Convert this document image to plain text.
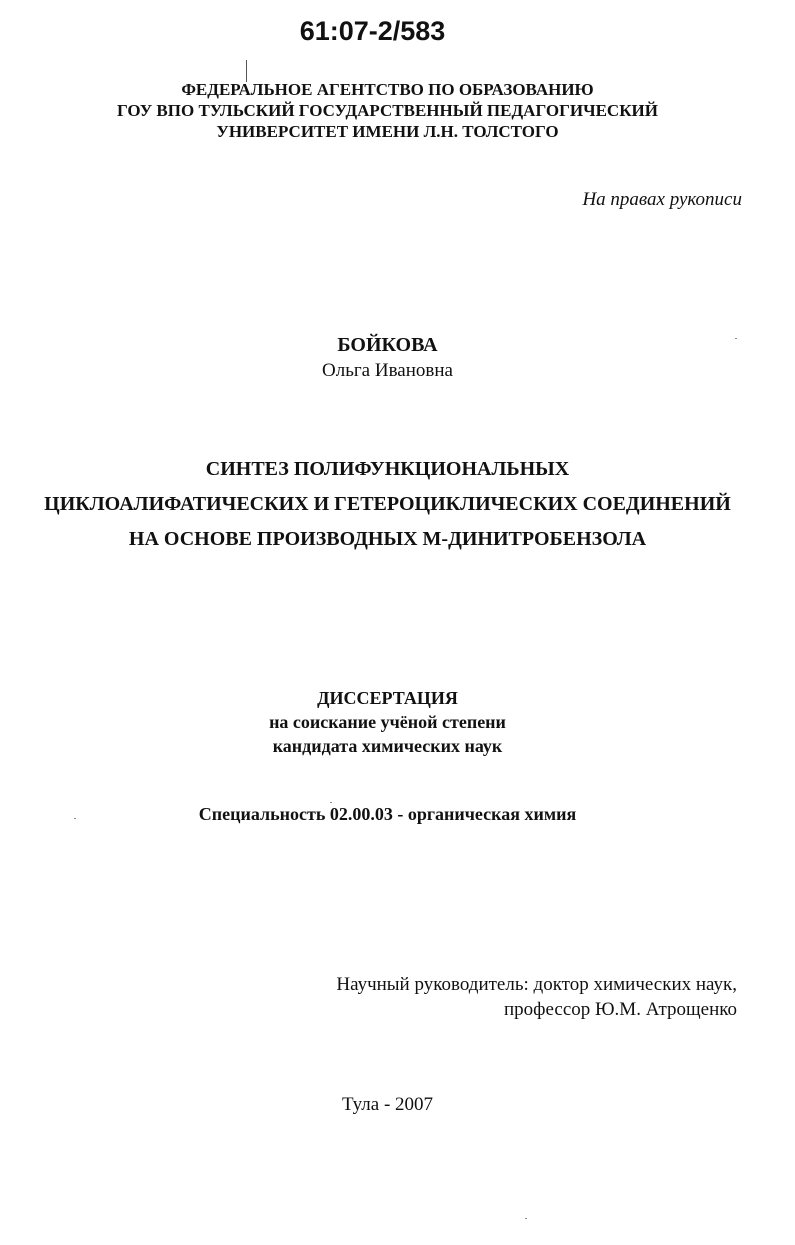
61:07-2/583
ФЕДЕРАЛЬНОЕ АГЕНТСТВО ПО ОБРАЗОВАНИЮ
ГОУ ВПО ТУЛЬСКИЙ ГОСУДАРСТВЕННЫЙ ПЕДАГОГИЧЕСКИЙ
УНИВЕРСИТЕТ ИМЕНИ Л.Н. ТОЛСТОГО
На правах рукописи
БОЙКОВА
Ольга Ивановна
СИНТЕЗ ПОЛИФУНКЦИОНАЛЬНЫХ
ЦИКЛОАЛИФАТИЧЕСКИХ И ГЕТЕРОЦИКЛИЧЕСКИХ СОЕДИНЕНИЙ
НА ОСНОВЕ ПРОИЗВОДНЫХ М-ДИНИТРОБЕНЗОЛА
ДИССЕРТАЦИЯ
на соискание учёной степени
кандидата химических наук
Специальность 02.00.03 - органическая химия
Научный руководитель: доктор химических наук,
профессор Ю.М. Атрощенко
Тула - 2007
